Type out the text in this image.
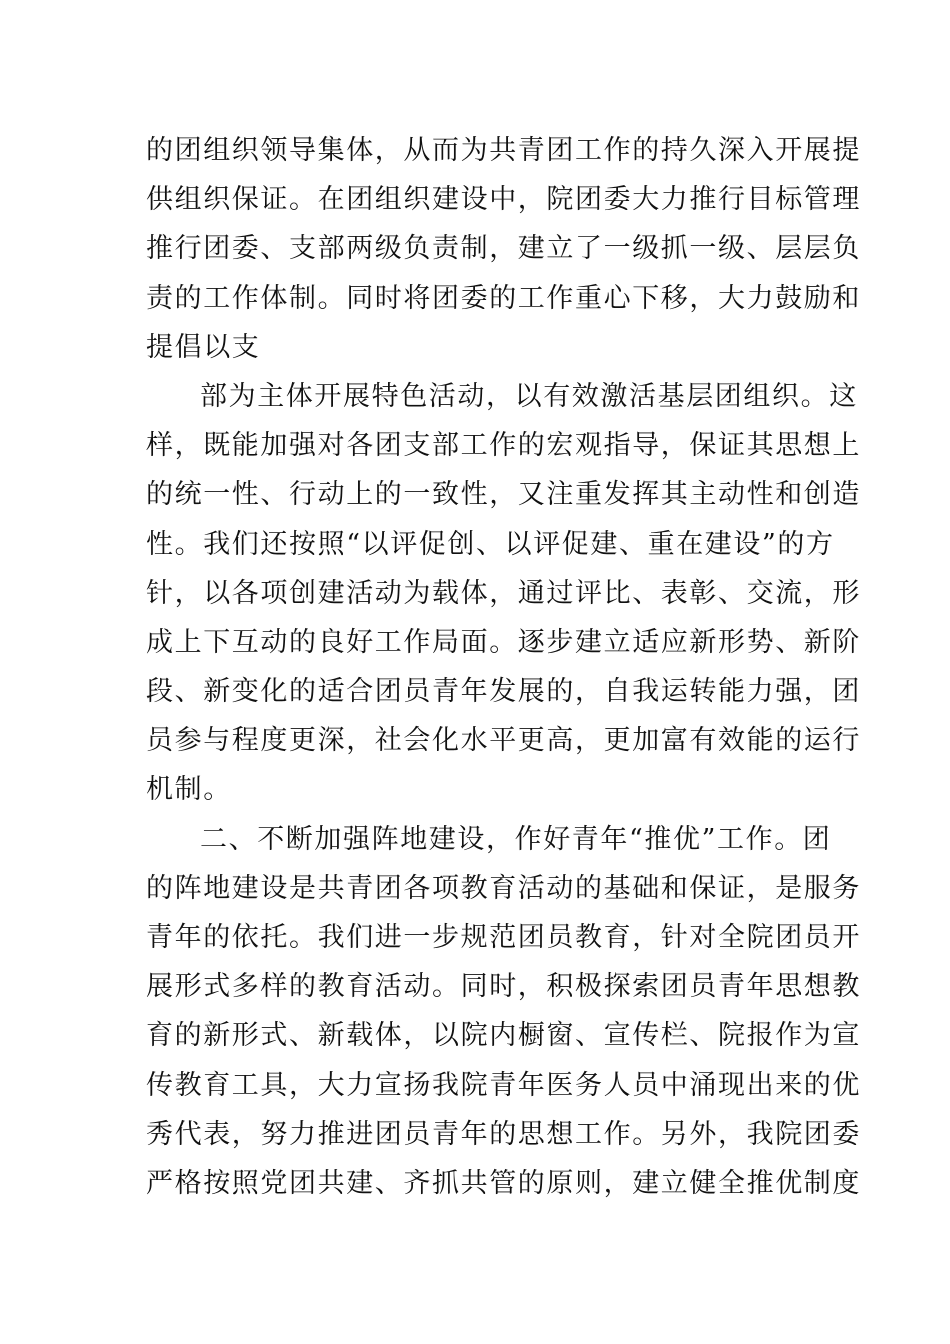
的团组织领导集体，从而为共青团工作的持久深入开展提
供组织保证。在团组织建设中，院团委大力推行目标管理
推行团委、支部两级负责制，建立了一级抓一级、层层负
责的工作体制。同时将团委的工作重心下移，大力鼓励和
提倡以支
部为主体开展特色活动，以有效激活基层团组织。这
样，既能加强对各团支部工作的宏观指导，保证其思想上
的统一性、行动上的一致性，又注重发挥其主动性和创造
性。我们还按照“以评促创、以评促建、重在建设”的方
针，以各项创建活动为载体，通过评比、表彰、交流，形
成上下互动的良好工作局面。逐步建立适应新形势、新阶
段、新变化的适合团员青年发展的，自我运转能力强，团
员参与程度更深，社会化水平更高，更加富有效能的运行
机制。
二、不断加强阵地建设，作好青年“推优”工作。团
的阵地建设是共青团各项教育活动的基础和保证，是服务
青年的依托。我们进一步规范团员教育，针对全院团员开
展形式多样的教育活动。同时，积极探索团员青年思想教
育的新形式、新载体，以院内橱窗、宣传栏、院报作为宣
传教育工具，大力宣扬我院青年医务人员中涌现出来的优
秀代表，努力推进团员青年的思想工作。另外，我院团委
严格按照党团共建、齐抓共管的原则，建立健全推优制度
